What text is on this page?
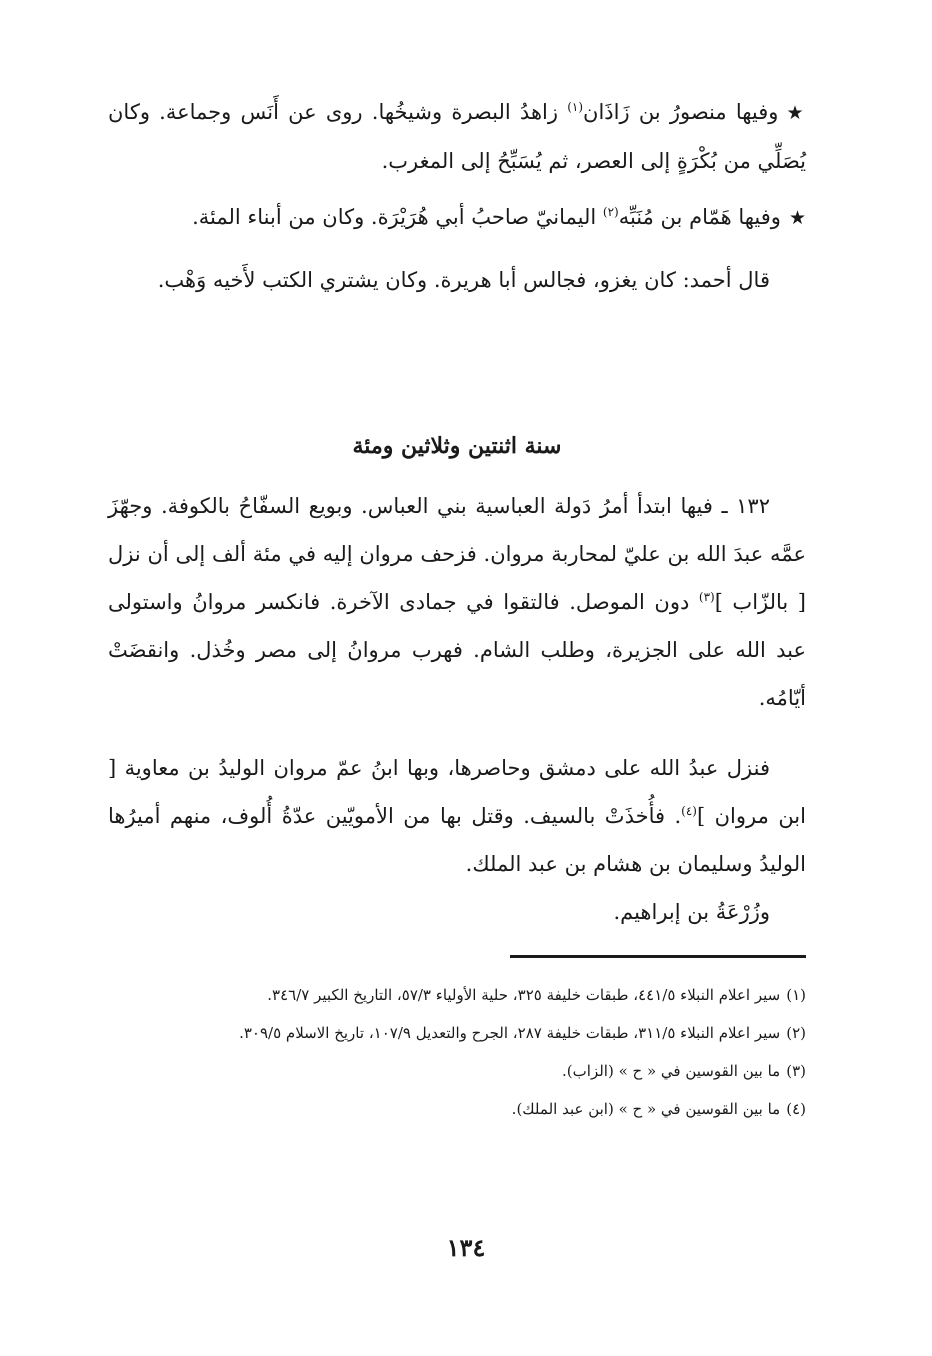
★وفيها منصورُ بن زَاذَان$^{(١)}$ زاهدُ البصرة وشيخُها. روى عن أَنَس وجماعة. وكان يُصَلِّي من بُكْرَةٍ إلى العصر، ثم يُسَبِّحُ إلى المغرب.

★وفيها هَمّام بن مُنَبِّه$^{(٢)}$ اليمانيّ صاحبُ أبي هُرَيْرَة. وكان من أبناء المئة.

قال أحمد: كان يغزو، فجالس أبا هريرة. وكان يشتري الكتب لأَخيه وَهْب.

سنة اثنتين وثلاثين ومئة

١٣٢ ـ فيها ابتدأ أمرُ دَولة العباسية بني العباس. وبويع السفّاحُ بالكوفة. وجهّزَ عمَّه عبدَ الله بن عليّ لمحاربة مروان. فزحف مروان إليه في مئة ألف إلى أن نزل [ بالزّاب ]$^{(٣)}$ دون الموصل. فالتقوا في جمادى الآخرة. فانكسر مروانُ واستولى عبد الله على الجزيرة، وطلب الشام. فهرب مروانُ إلى مصر وخُذل. وانقضَتْ أيّامُه.

فنزل عبدُ الله على دمشق وحاصرها، وبها ابنُ عمّ مروان الوليدُ بن معاوية [ ابن مروان ]$^{(٤)}$. فأُخذَتْ بالسيف. وقتل بها من الأمويّين عدّةُ أُلوف، منهم أميرُها الوليدُ وسليمان بن هشام بن عبد الملك.

وزُرْعَةُ بن إبراهيم.

(١)سير اعلام النبلاء ٤٤١/٥، طبقات خليفة ٣٢٥، حلية الأولياء ٥٧/٣، التاريخ الكبير ٣٤٦/٧.

(٢)سير اعلام النبلاء ٣١١/٥، طبقات خليفة ٢٨٧، الجرح والتعديل ١٠٧/٩، تاريخ الاسلام ٣٠٩/٥.

(٣)ما بين القوسين في « ح » (الزاب).

(٤)ما بين القوسين في « ح » (ابن عبد الملك).

١٣٤
